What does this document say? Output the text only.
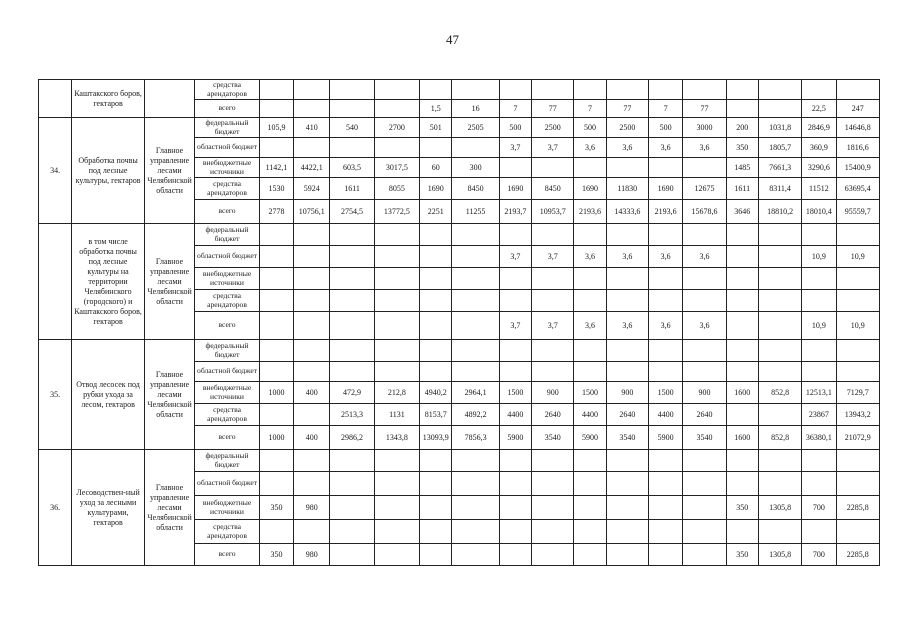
47
	Каштакского боров, гектаров		средства арендаторов																
			всего					1,5	16	7	77	7	77	7	77			22,5	247
34.	Обработка почвы под лесные культуры, гектаров	Главное управление лесами Челябинской области	федеральный бюджет	105,9	410	540	2700	501	2505	500	2500	500	2500	500	3000	200	1031,8	2846,9	14646,8
			областной бюджет							3,7	3,7	3,6	3,6	3,6	3,6	350	1805,7	360,9	1816,6
			внебюджетные источники	1142,1	4422,1	603,5	3017,5	60	300							1485	7661,3	3290,6	15400,9
			средства арендаторов	1530	5924	1611	8055	1690	8450	1690	8450	1690	11830	1690	12675	1611	8311,4	11512	63695,4
			всего	2778	10756,1	2754,5	13772,5	2251	11255	2193,7	10953,7	2193,6	14333,6	2193,6	15678,6	3646	18810,2	18010,4	95559,7
	в том числе обработка почвы под лесные культуры на территории Челябинского (городского) и Каштакского боров, гектаров	Главное управление лесами Челябинской области	федеральный бюджет																
			областной бюджет							3,7	3,7	3,6	3,6	3,6	3,6			10,9	10,9
			внебюджетные источники																
			средства арендаторов																
			всего							3,7	3,7	3,6	3,6	3,6	3,6			10,9	10,9
35.	Отвод лесосек под рубки ухода за лесом, гектаров	Главное управление лесами Челябинской области	федеральный бюджет																
			областной бюджет																
			внебюджетные источники	1000	400	472,9	212,8	4940,2	2964,1	1500	900	1500	900	1500	900	1600	852,8	12513,1	7129,7
			средства арендаторов			2513,3	1131	8153,7	4892,2	4400	2640	4400	2640	4400	2640			23867	13943,2
			всего	1000	400	2986,2	1343,8	13093,9	7856,3	5900	3540	5900	3540	5900	3540	1600	852,8	36380,1	21072,9
36.	Лесоводствен-ный уход за лесными культурами, гектаров	Главное управление лесами Челябинской области	федеральный бюджет																
			областной бюджет																
			внебюджетные источники	350	980											350	1305,8	700	2285,8
			средства арендаторов																
			всего	350	980											350	1305,8	700	2285,8
